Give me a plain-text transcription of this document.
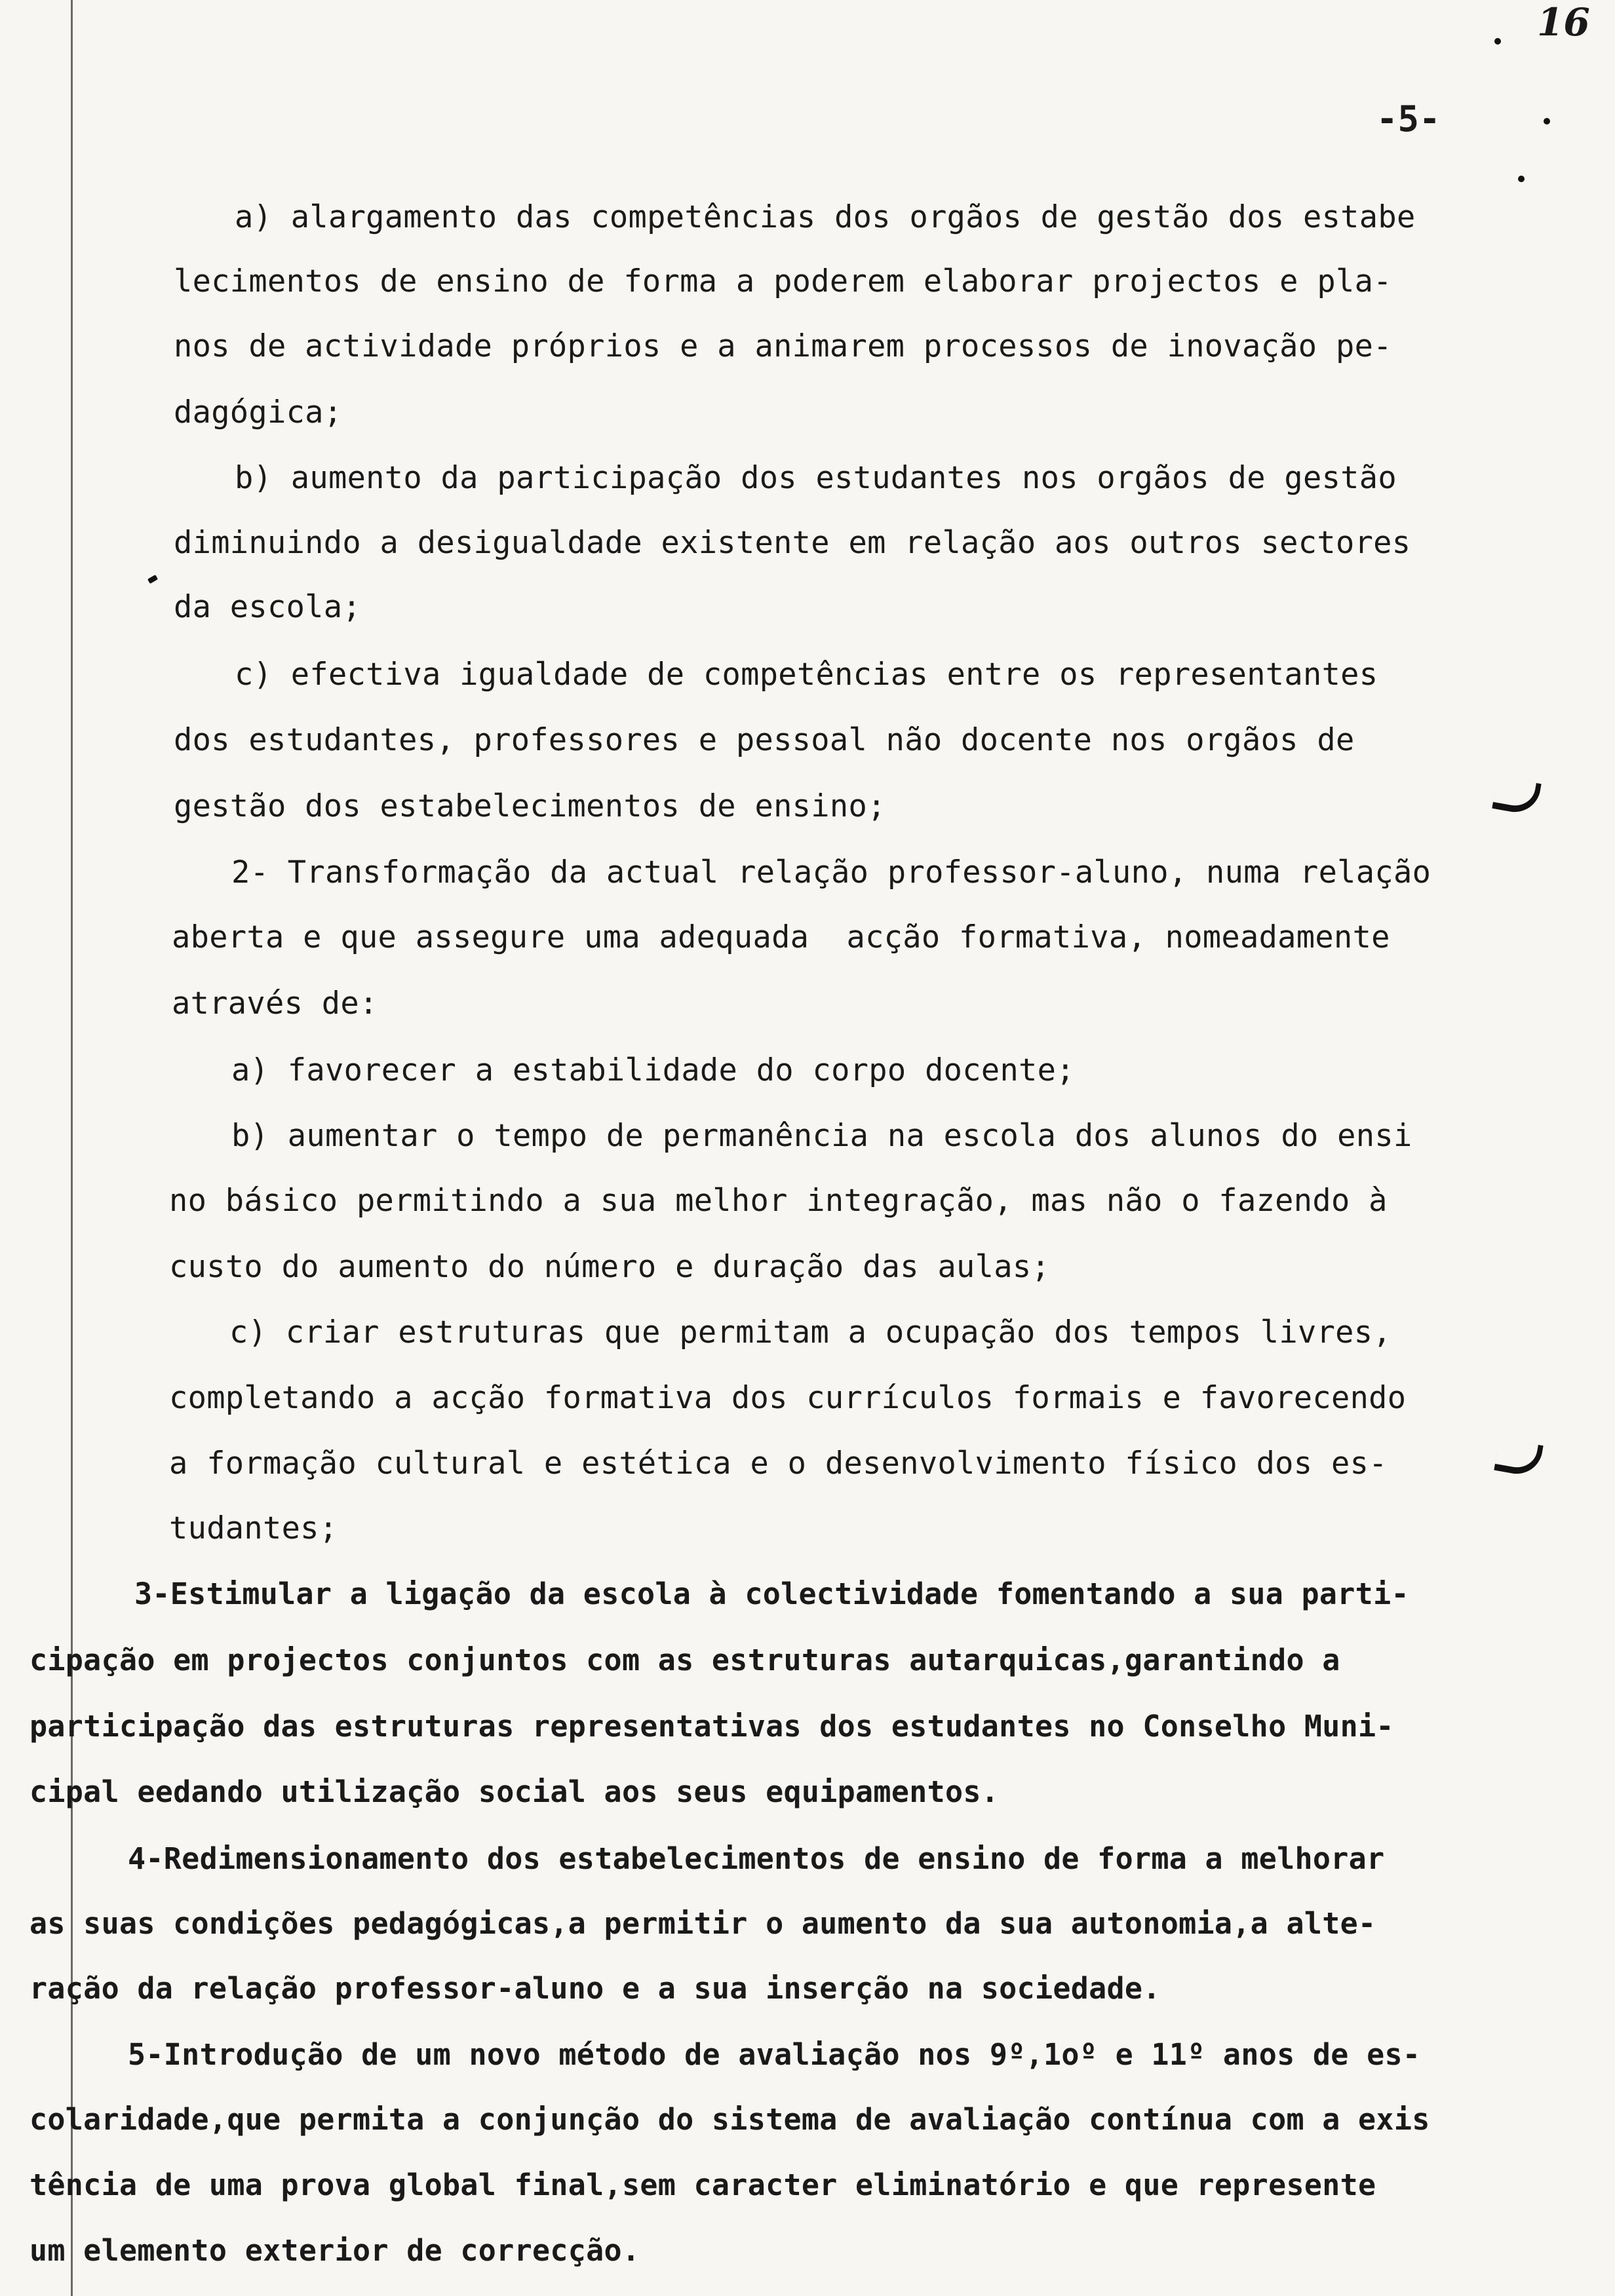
16
-5-
a) alargamento das competências dos orgãos de gestão dos estabe
lecimentos de ensino de forma a poderem elaborar projectos e pla-
nos de actividade próprios e a animarem processos de inovação pe-
dagógica;
b) aumento da participação dos estudantes nos orgãos de gestão
diminuindo a desigualdade existente em relação aos outros sectores
da escola;
c) efectiva igualdade de competências entre os representantes
dos estudantes, professores e pessoal não docente nos orgãos de
gestão dos estabelecimentos de ensino;
2- Transformação da actual relação professor-aluno, numa relação
aberta e que assegure uma adequada  acção formativa, nomeadamente
através de:
a) favorecer a estabilidade do corpo docente;
b) aumentar o tempo de permanência na escola dos alunos do ensi
no básico permitindo a sua melhor integração, mas não o fazendo à
custo do aumento do número e duração das aulas;
c) criar estruturas que permitam a ocupação dos tempos livres,
completando a acção formativa dos currículos formais e favorecendo
a formação cultural e estética e o desenvolvimento físico dos es-
tudantes;
3-Estimular a ligação da escola à colectividade fomentando a sua parti-
cipação em projectos conjuntos com as estruturas autarquicas,garantindo a
participação das estruturas representativas dos estudantes no Conselho Muni-
cipal eedando utilização social aos seus equipamentos.
4-Redimensionamento dos estabelecimentos de ensino de forma a melhorar
as suas condições pedagógicas,a permitir o aumento da sua autonomia,a alte-
ração da relação professor-aluno e a sua inserção na sociedade.
5-Introdução de um novo método de avaliação nos 9º,1oº e 11º anos de es-
colaridade,que permita a conjunção do sistema de avaliação contínua com a exis
tência de uma prova global final,sem caracter eliminatório e que represente
um elemento exterior de correcção.
